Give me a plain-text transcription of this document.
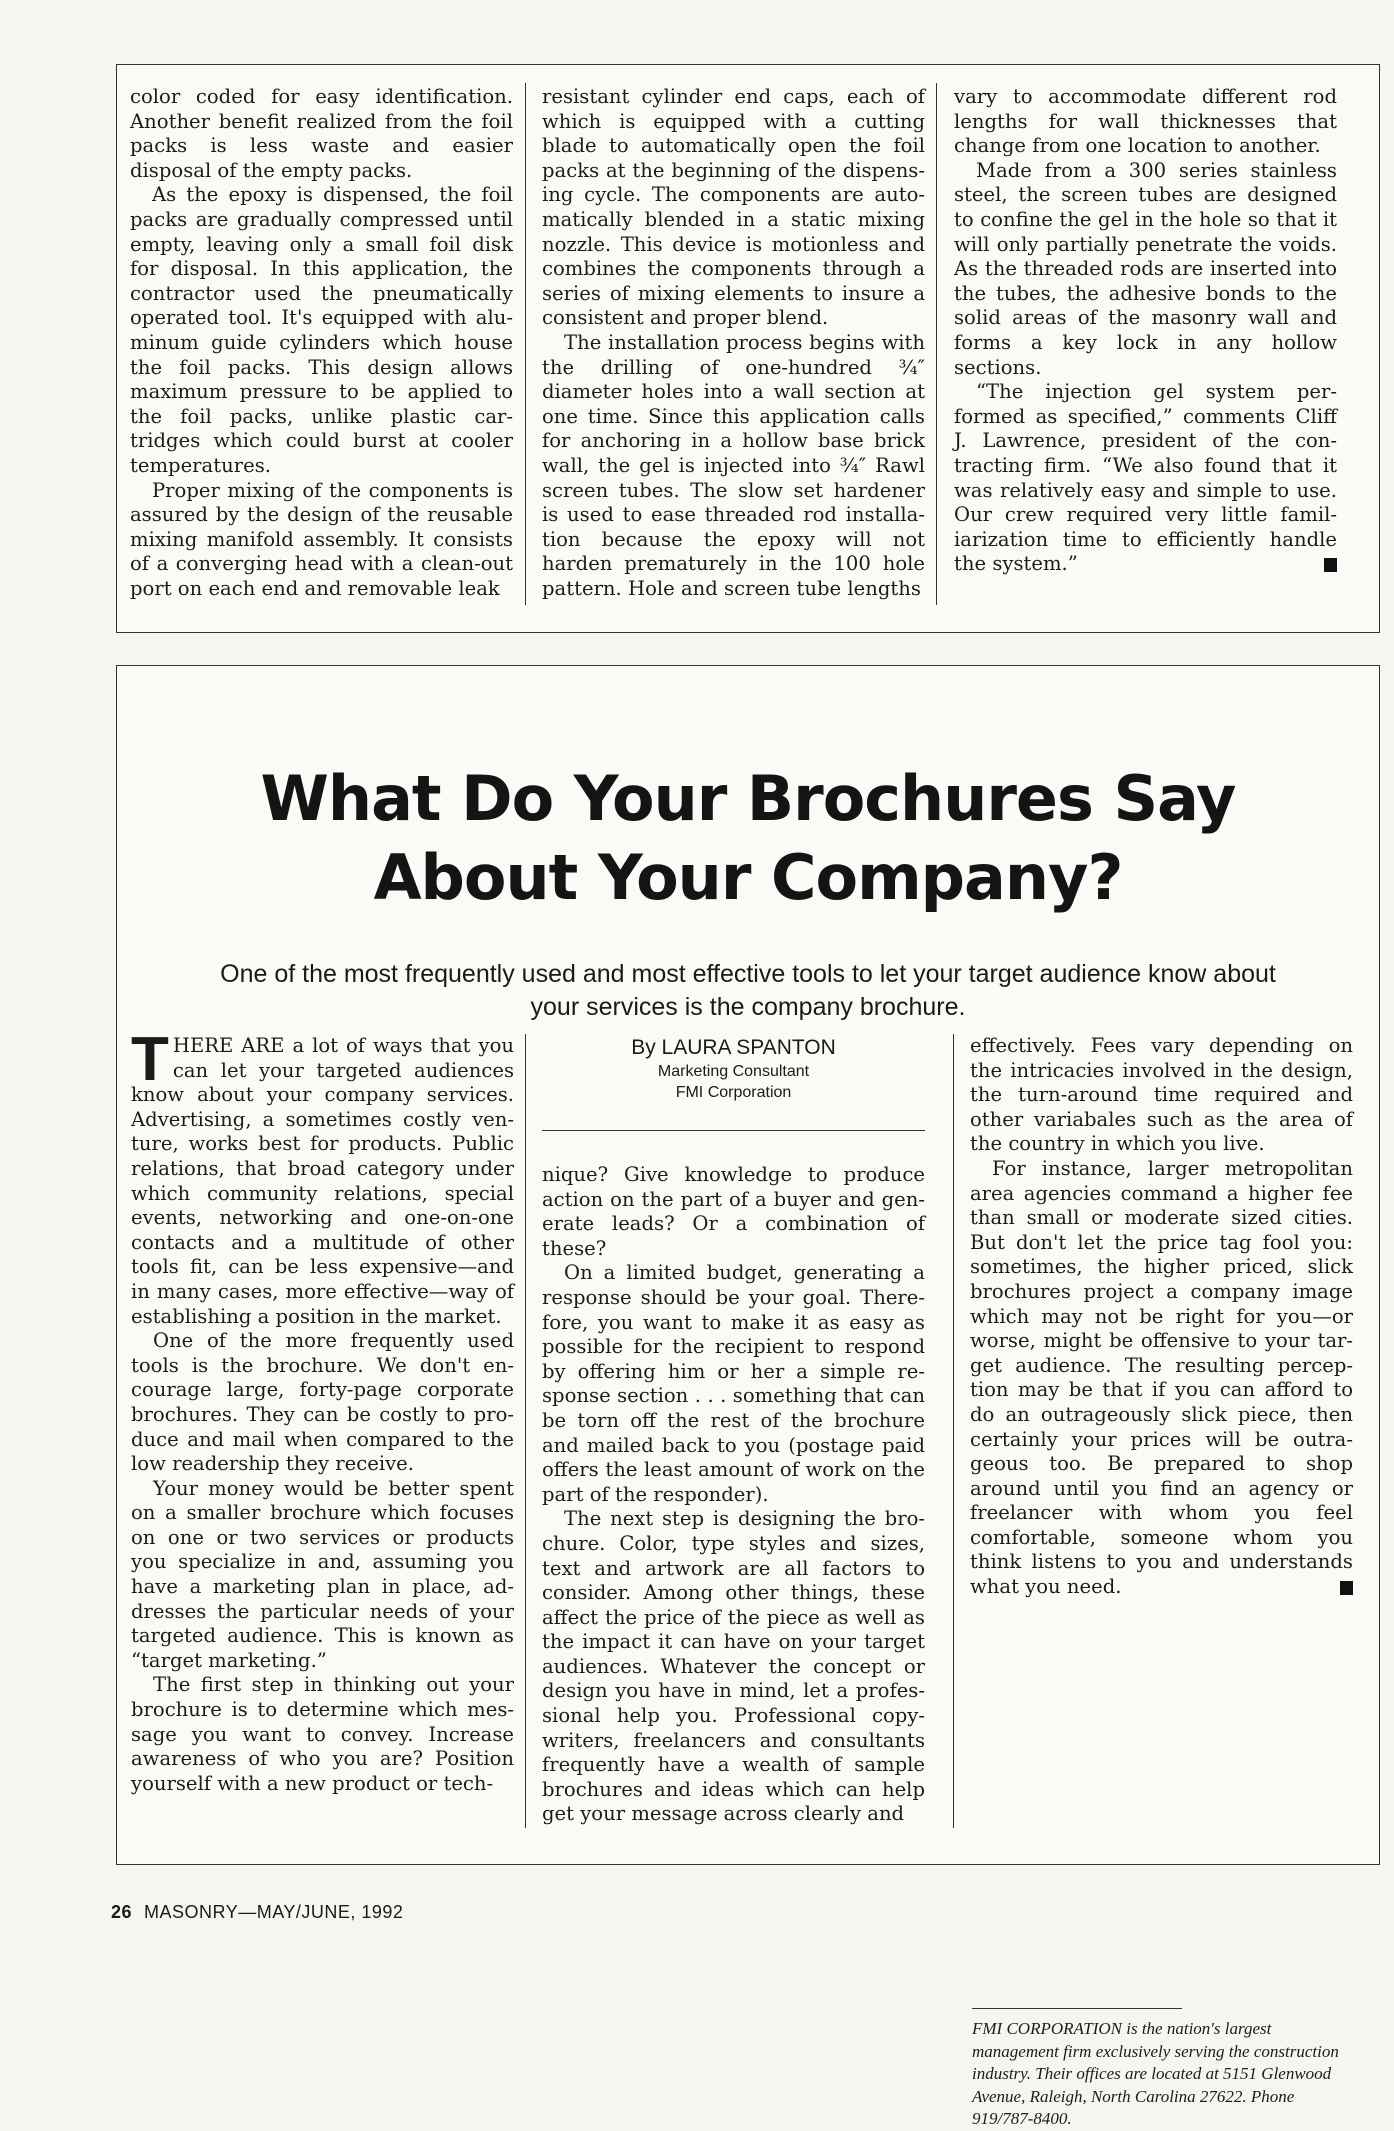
color coded for easy identification. Another benefit realized from the foil packs is less waste and easier disposal of the empty packs.

As the epoxy is dispensed, the foil packs are gradually compressed until empty, leaving only a small foil disk for disposal. In this application, the contractor used the pneumatically operated tool. It's equipped with aluminum guide cylinders which house the foil packs. This design allows maximum pressure to be applied to the foil packs, unlike plastic cartridges which could burst at cooler temperatures.

Proper mixing of the components is assured by the design of the reusable mixing manifold assembly. It consists of a converging head with a clean-out port on each end and removable leak

resistant cylinder end caps, each of which is equipped with a cutting blade to automatically open the foil packs at the beginning of the dispensing cycle. The components are automatically blended in a static mixing nozzle. This device is motionless and combines the components through a series of mixing elements to insure a consistent and proper blend.

The installation process begins with the drilling of one-hundred ¾″ diameter holes into a wall section at one time. Since this application calls for anchoring in a hollow base brick wall, the gel is injected into ¾″ Rawl screen tubes. The slow set hardener is used to ease threaded rod installation because the epoxy will not harden prematurely in the 100 hole pattern. Hole and screen tube lengths

vary to accommodate different rod lengths for wall thicknesses that change from one location to another.

Made from a 300 series stainless steel, the screen tubes are designed to confine the gel in the hole so that it will only partially penetrate the voids. As the threaded rods are inserted into the tubes, the adhesive bonds to the solid areas of the masonry wall and forms a key lock in any hollow sections.

“The injection gel system performed as specified,” comments Cliff J. Lawrence, president of the contracting firm. “We also found that it was relatively easy and simple to use. Our crew required very little familiarization time to efficiently handle the system.”

What Do Your Brochures Say
About Your Company?
One of the most frequently used and most effective tools to let your target audience know about your services is the company brochure.

THERE ARE a lot of ways that you can let your targeted audiences know about your company services. Advertising, a sometimes costly venture, works best for products. Public relations, that broad category under which community relations, special events, networking and one-on-one contacts and a multitude of other tools fit, can be less expensive—and in many cases, more effective—way of establishing a position in the market.

One of the more frequently used tools is the brochure. We don't encourage large, forty-page corporate brochures. They can be costly to produce and mail when compared to the low readership they receive.

Your money would be better spent on a smaller brochure which focuses on one or two services or products you specialize in and, assuming you have a marketing plan in place, addresses the particular needs of your targeted audience. This is known as “target marketing.”

The first step in thinking out your brochure is to determine which message you want to convey. Increase awareness of who you are? Position yourself with a new product or tech-

By LAURA SPANTON
Marketing Consultant
FMI Corporation

nique? Give knowledge to produce action on the part of a buyer and generate leads? Or a combination of these?

On a limited budget, generating a response should be your goal. Therefore, you want to make it as easy as possible for the recipient to respond by offering him or her a simple response section . . . something that can be torn off the rest of the brochure and mailed back to you (postage paid offers the least amount of work on the part of the responder).

The next step is designing the brochure. Color, type styles and sizes, text and artwork are all factors to consider. Among other things, these affect the price of the piece as well as the impact it can have on your target audiences. Whatever the concept or design you have in mind, let a professional help you. Professional copywriters, freelancers and consultants frequently have a wealth of sample brochures and ideas which can help get your message across clearly and

effectively. Fees vary depending on the intricacies involved in the design, the turn-around time required and other variabales such as the area of the country in which you live.

For instance, larger metropolitan area agencies command a higher fee than small or moderate sized cities. But don't let the price tag fool you: sometimes, the higher priced, slick brochures project a company image which may not be right for you—or worse, might be offensive to your target audience. The resulting perception may be that if you can afford to do an outrageously slick piece, then certainly your prices will be outrageous too. Be prepared to shop around until you find an agency or freelancer with whom you feel comfortable, someone whom you think listens to you and understands what you need.

FMI CORPORATION is the nation's largest management firm exclusively serving the construction industry. Their offices are located at 5151 Glenwood Avenue, Raleigh, North Carolina 27622. Phone 919/787-8400.
26 MASONRY—MAY/JUNE, 1992
